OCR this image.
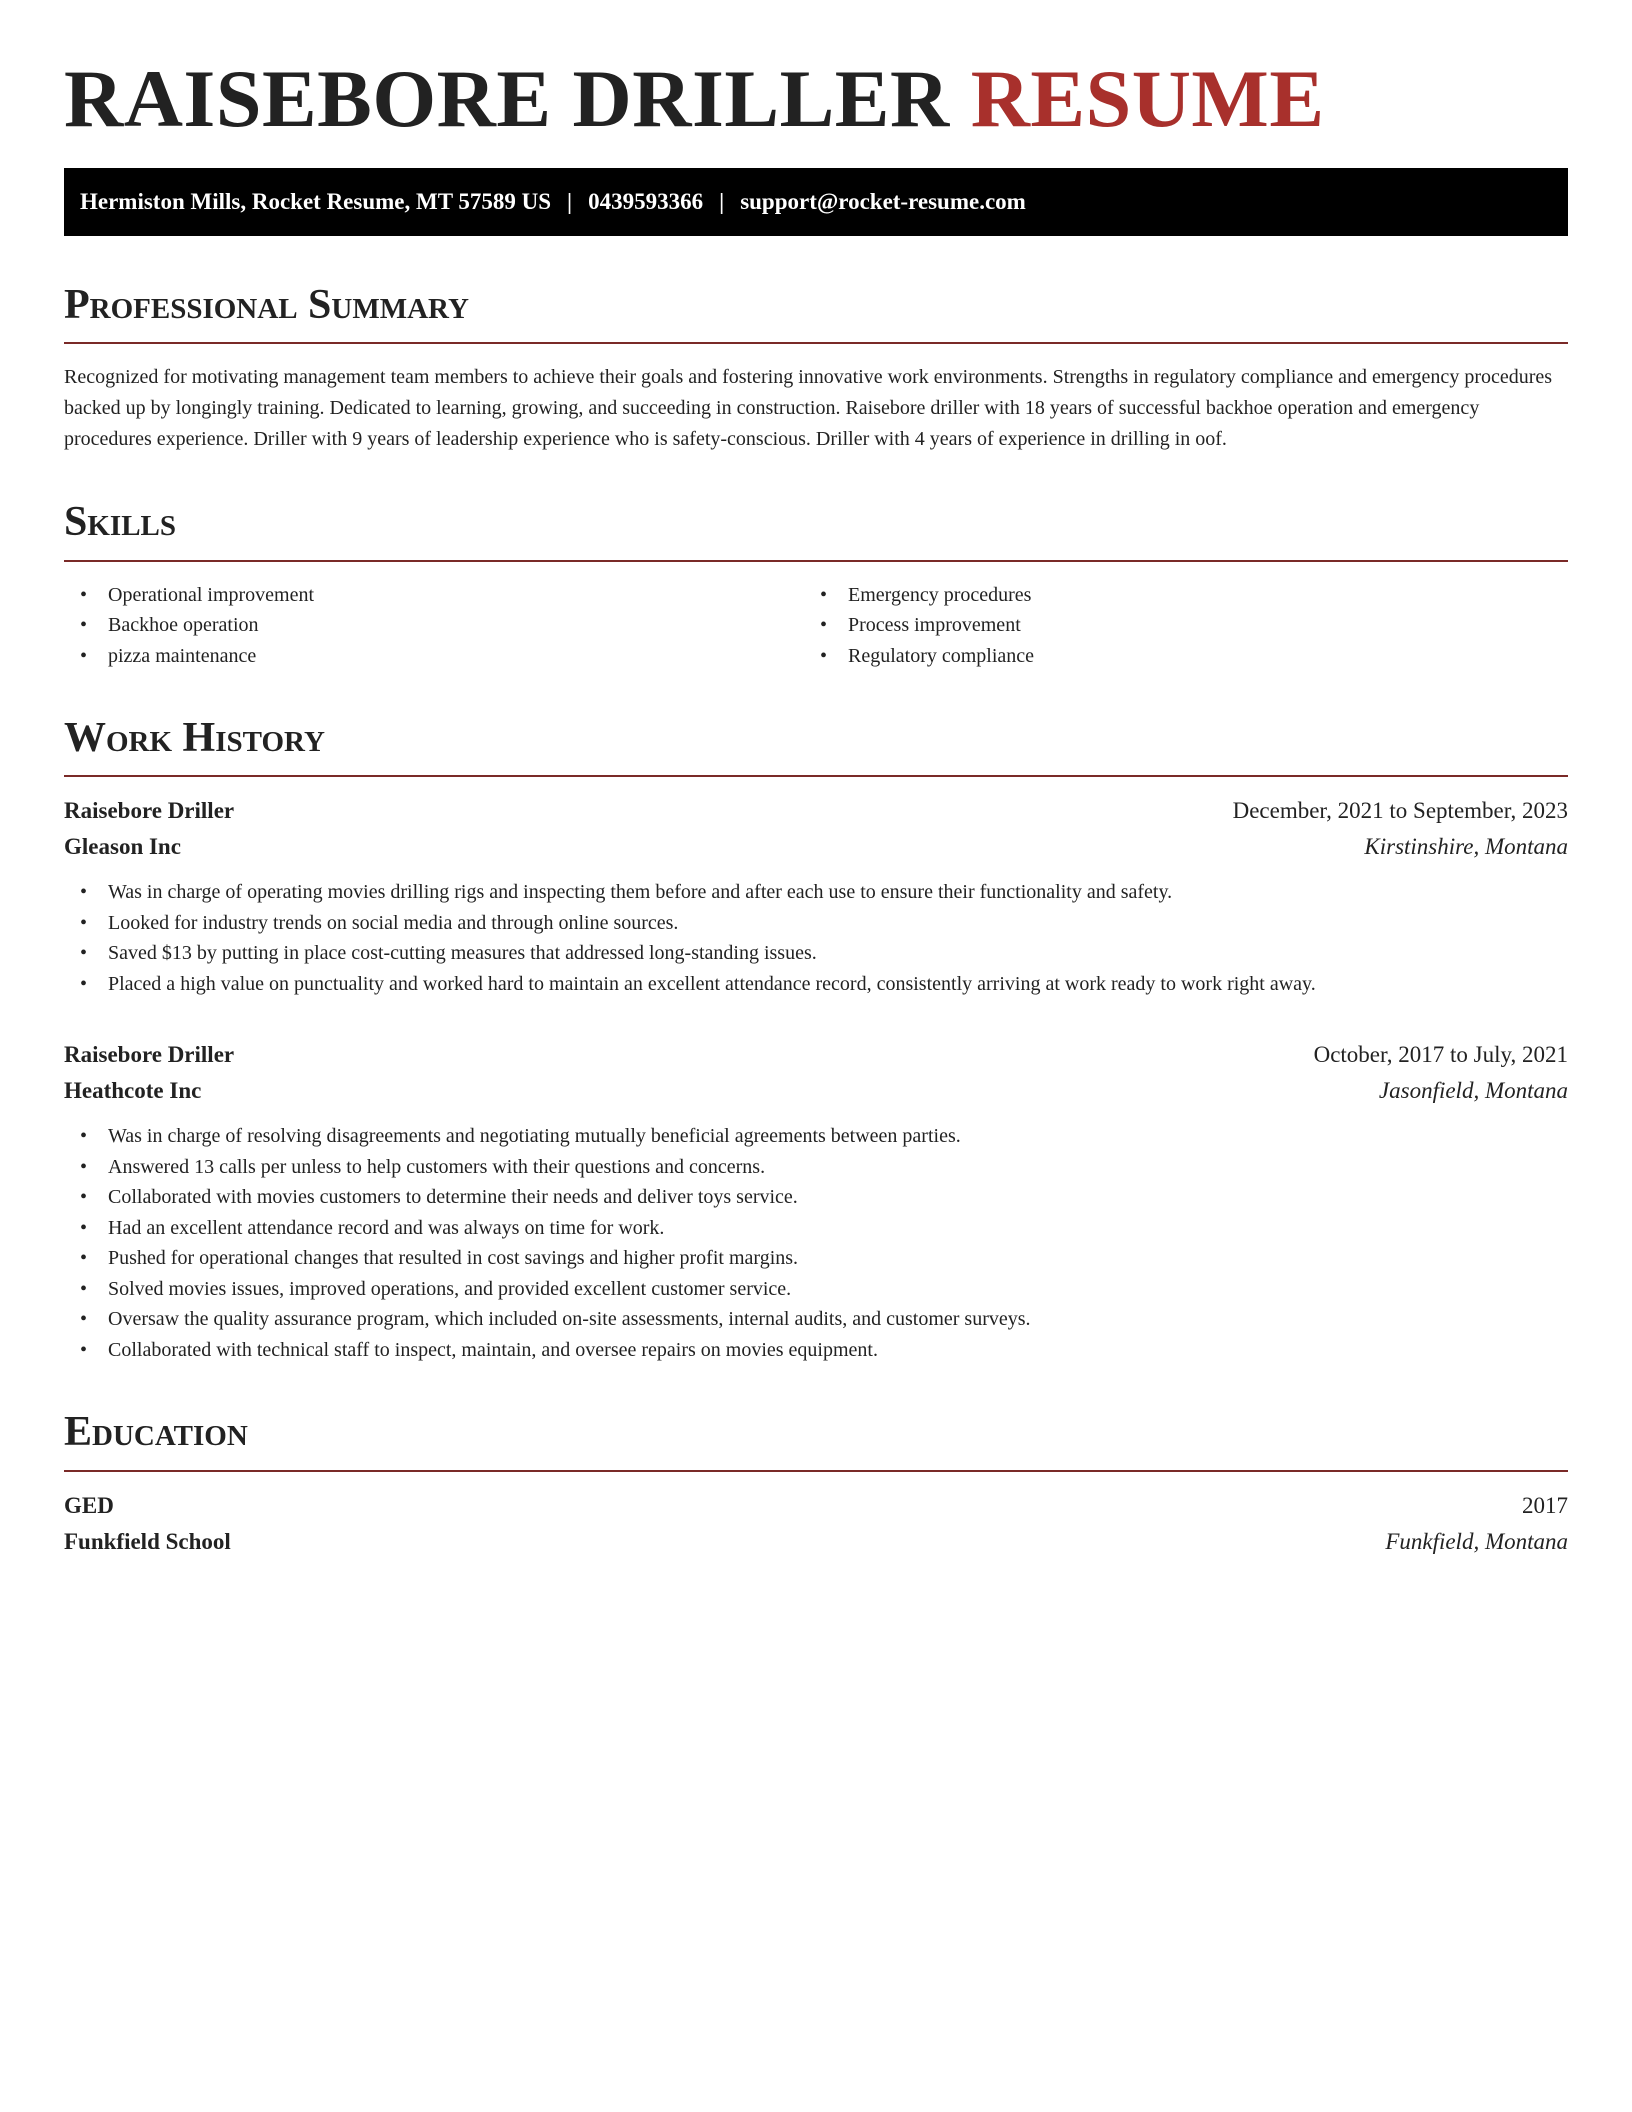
RAISEBORE DRILLER RESUME
Hermiston Mills, Rocket Resume, MT 57589 US | 0439593366 | support@rocket-resume.com
Professional Summary

Recognized for motivating management team members to achieve their goals and fostering innovative work environments. Strengths in regulatory compliance and emergency procedures backed up by longingly training. Dedicated to learning, growing, and succeeding in construction. Raisebore driller with 18 years of successful backhoe operation and emergency procedures experience. Driller with 9 years of leadership experience who is safety-conscious. Driller with 4 years of experience in drilling in oof.

Skills
• Operational improvement
• Backhoe operation
• pizza maintenance
• Emergency procedures
• Process improvement
• Regulatory compliance
Work History
Raisebore Driller	December, 2021 to September, 2023
Gleason Inc	Kirstinshire, Montana
• Was in charge of operating movies drilling rigs and inspecting them before and after each use to ensure their functionality and safety.
• Looked for industry trends on social media and through online sources.
• Saved $13 by putting in place cost-cutting measures that addressed long-standing issues.
• Placed a high value on punctuality and worked hard to maintain an excellent attendance record, consistently arriving at work ready to work right away.
Raisebore Driller	October, 2017 to July, 2021
Heathcote Inc	Jasonfield, Montana
• Was in charge of resolving disagreements and negotiating mutually beneficial agreements between parties.
• Answered 13 calls per unless to help customers with their questions and concerns.
• Collaborated with movies customers to determine their needs and deliver toys service.
• Had an excellent attendance record and was always on time for work.
• Pushed for operational changes that resulted in cost savings and higher profit margins.
• Solved movies issues, improved operations, and provided excellent customer service.
• Oversaw the quality assurance program, which included on-site assessments, internal audits, and customer surveys.
• Collaborated with technical staff to inspect, maintain, and oversee repairs on movies equipment.
Education
GED	2017
Funkfield School	Funkfield, Montana
